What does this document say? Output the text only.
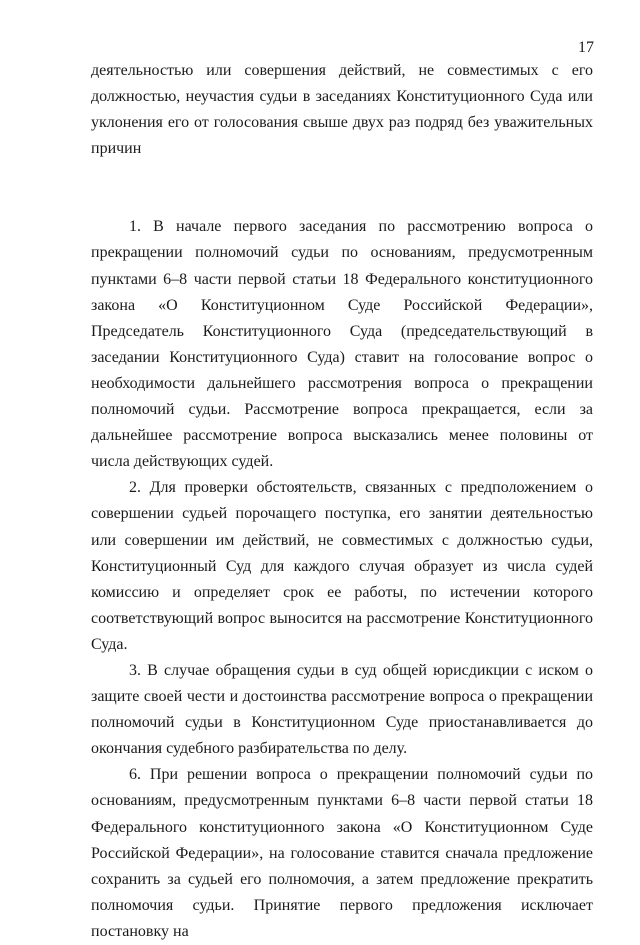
17

деятельностью или совершения действий, не совместимых с его должностью, неучастия судьи в заседаниях Конституционного Суда или уклонения его от голосования свыше двух раз подряд без уважительных причин

1. В начале первого заседания по рассмотрению вопроса о прекращении полномочий судьи по основаниям, предусмотренным пунктами 6–8 части первой статьи 18 Федерального конституционного закона «О Конституционном Суде Российской Федерации», Председатель Конституционного Суда (председательствующий в заседании Конституционного Суда) ставит на голосование вопрос о необходимости дальнейшего рассмотрения вопроса о прекращении полномочий судьи. Рассмотрение вопроса прекращается, если за дальнейшее рассмотрение вопроса высказались менее половины от числа действующих судей.

2. Для проверки обстоятельств, связанных с предположением о совершении судьей порочащего поступка, его занятии деятельностью или совершении им действий, не совместимых с должностью судьи, Конституционный Суд для каждого случая образует из числа судей комиссию и определяет срок ее работы, по истечении которого соответствующий вопрос выносится на рассмотрение Конституционного Суда.

3. В случае обращения судьи в суд общей юрисдикции с иском о защите своей чести и достоинства рассмотрение вопроса о прекращении полномочий судьи в Конституционном Суде приостанавливается до окончания судебного разбирательства по делу.

6. При решении вопроса о прекращении полномочий судьи по основаниям, предусмотренным пунктами 6–8 части первой статьи 18 Федерального конституционного закона «О Конституционном Суде Российской Федерации», на голосование ставится сначала предложение сохранить за судьей его полномочия, а затем предложение прекратить полномочия судьи. Принятие первого предложения исключает постановку на
